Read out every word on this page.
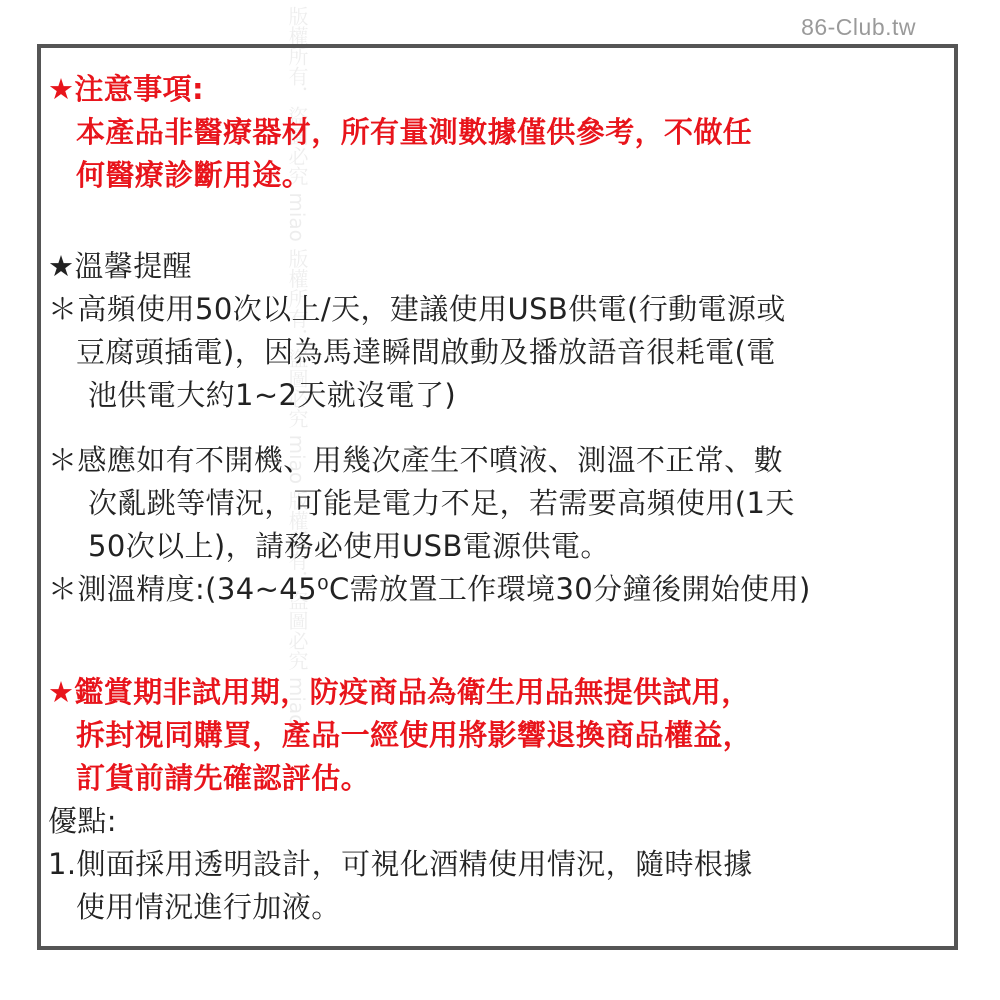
86-Club.tw
版權所有．盜圖必究 miao 版權所有．盜圖必究 miao 版權所有．盜圖必究 miao
★注意事項:
本產品非醫療器材，所有量測數據僅供參考，不做任
何醫療診斷用途。
★溫馨提醒
＊高頻使用50次以上/天，建議使用USB供電(行動電源或
豆腐頭插電)，因為馬達瞬間啟動及播放語音很耗電(電
池供電大約1~2天就沒電了)
＊感應如有不開機、用幾次產生不噴液、測溫不正常、數
次亂跳等情況，可能是電力不足，若需要高頻使用(1天
50次以上)，請務必使用USB電源供電。
＊測溫精度:(34~45⁰C需放置工作環境30分鐘後開始使用)
★鑑賞期非試用期，防疫商品為衛生用品無提供試用，
拆封視同購買，產品一經使用將影響退換商品權益，
訂貨前請先確認評估。
優點:
1.側面採用透明設計，可視化酒精使用情況，隨時根據
使用情況進行加液。
